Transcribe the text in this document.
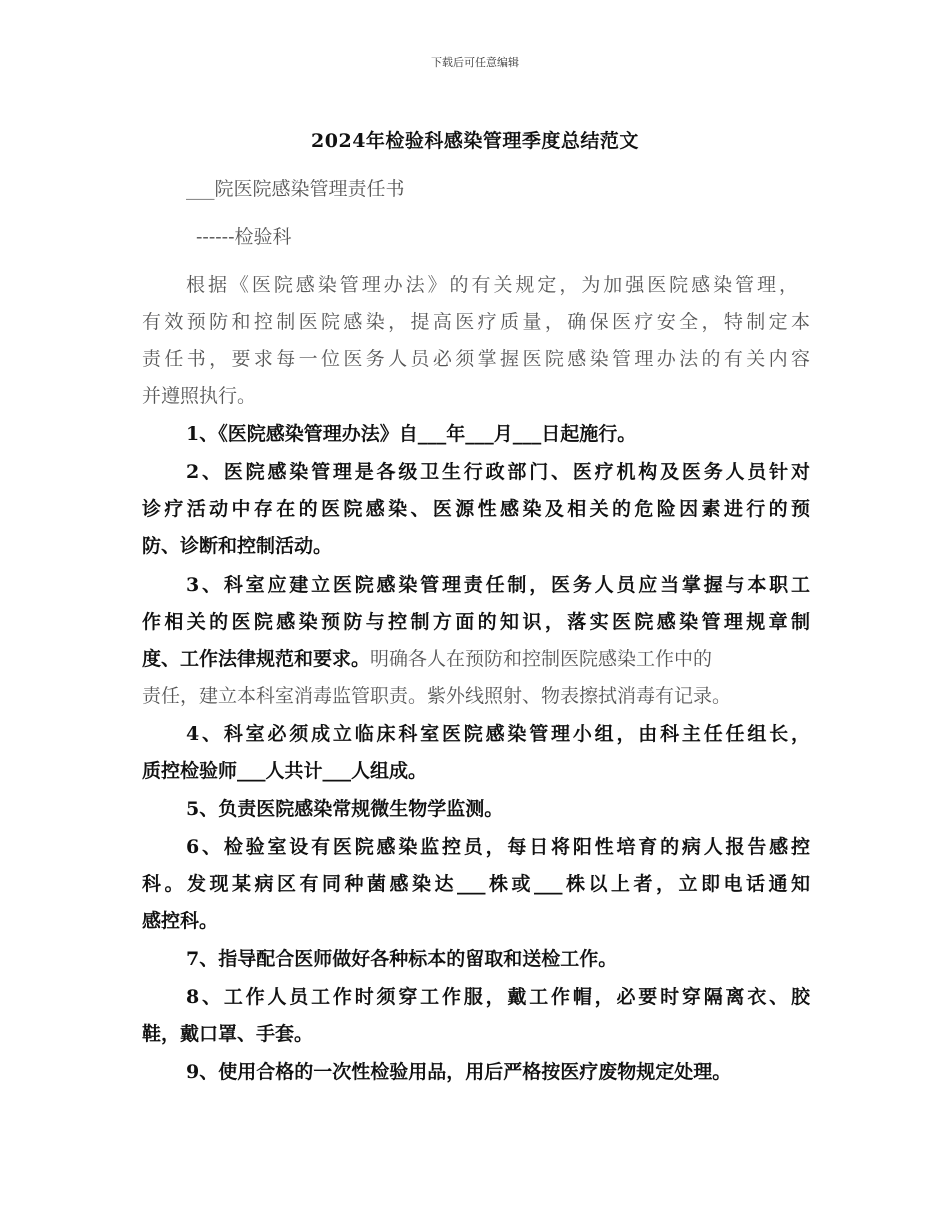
下载后可任意编辑
2024年检验科感染管理季度总结范文
___院医院感染管理责任书
------检验科
根据《医院感染管理办法》的有关规定，为加强医院感染管理，
有效预防和控制医院感染，提高医疗质量，确保医疗安全，特制定本
责任书，要求每一位医务人员必须掌握医院感染管理办法的有关内容
并遵照执行。
1、《医院感染管理办法》自___年___月___日起施行。
2、医院感染管理是各级卫生行政部门、医疗机构及医务人员针对
诊疗活动中存在的医院感染、医源性感染及相关的危险因素进行的预
防、诊断和控制活动。
3、科室应建立医院感染管理责任制，医务人员应当掌握与本职工
作相关的医院感染预防与控制方面的知识，落实医院感染管理规章制
度、工作法律规范和要求。明确各人在预防和控制医院感染工作中的
责任，建立本科室消毒监管职责。紫外线照射、物表擦拭消毒有记录。
4、科室必须成立临床科室医院感染管理小组，由科主任任组长，
质控检验师___人共计___人组成。
5、负责医院感染常规微生物学监测。
6、检验室设有医院感染监控员，每日将阳性培育的病人报告感控
科。发现某病区有同种菌感染达___株或___株以上者，立即电话通知
感控科。
7、指导配合医师做好各种标本的留取和送检工作。
8、工作人员工作时须穿工作服，戴工作帽，必要时穿隔离衣、胶
鞋，戴口罩、手套。
9、使用合格的一次性检验用品，用后严格按医疗废物规定处理。
